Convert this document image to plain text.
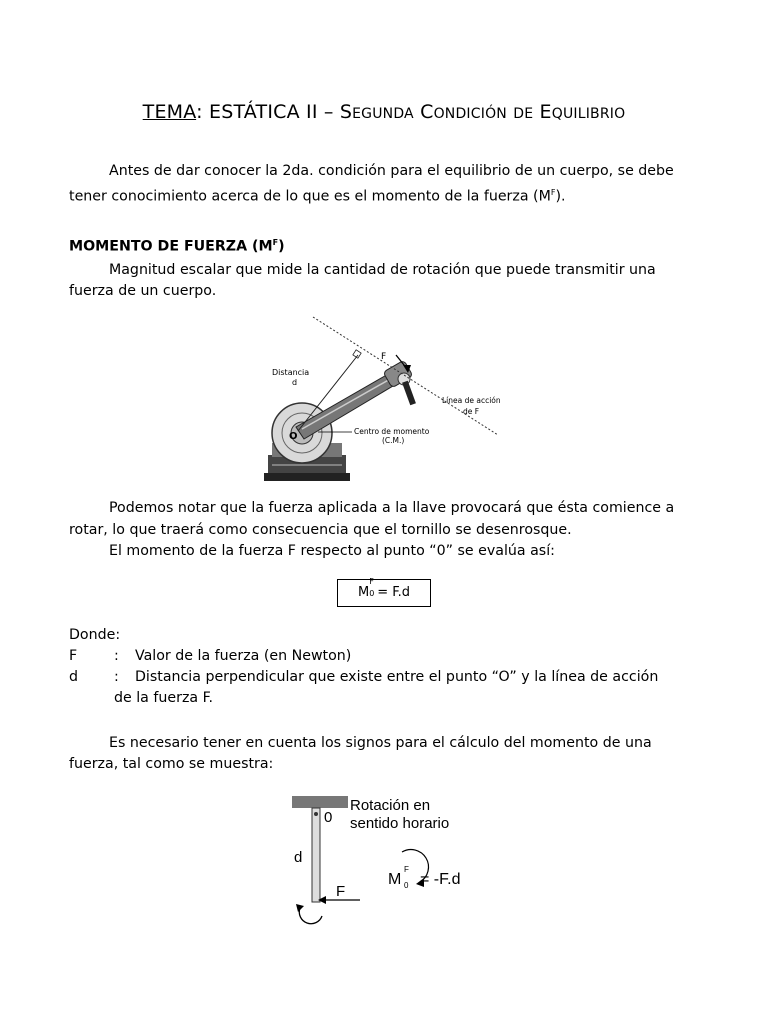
TEMA: ESTÁTICA II – SEGUNDA CONDICIÓN DE EQUILIBRIO
Antes de dar conocer la 2da. condición para el equilibrio de un cuerpo, se debe
tener conocimiento acerca de lo que es el momento de la fuerza $(M^F)$.
MOMENTO DE FUERZA $(M^F)$
Magnitud escalar que mide la cantidad de rotación que puede transmitir una
fuerza de un cuerpo.
Distancia
d
F
Línea de acción
de F
O	Centro de momento
(C.M.)
Podemos notar que la fuerza aplicada a la llave provocará que ésta comience a
rotar, lo que traerá como consecuencia que el tornillo se desenrosque.
El momento de la fuerza F respecto al punto “0” se evalúa así:
M
F
0 = F.d
Donde:
F	: Valor de la fuerza (en Newton)
d	: Distancia perpendicular que existe entre el punto “O” y la línea de acción
de la fuerza F.
Es necesario tener en cuenta los signos para el cálculo del momento de una
fuerza, tal como se muestra:
Rotación en
sentido horario
0
d
F
M
F
0 = -F.d
